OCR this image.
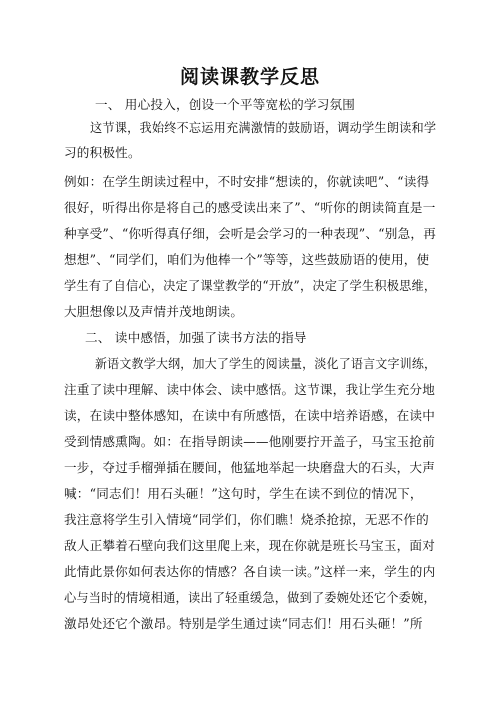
阅读课教学反思
一、 用心投入，创设一个平等宽松的学习氛围
这节课，我始终不忘运用充满激情的鼓励语，调动学生朗读和学
习的积极性。
例如：在学生朗读过程中，不时安排“想读的，你就读吧”、“读得
很好，听得出你是将自己的感受读出来了”、“听你的朗读简直是一
种享受”、“你听得真仔细，会听是会学习的一种表现”、“别急，再
想想”、“同学们，咱们为他棒一个”等等，这些鼓励语的使用，使
学生有了自信心，决定了课堂教学的“开放”，决定了学生积极思维，
大胆想像以及声情并茂地朗读。
二、 读中感悟，加强了读书方法的指导
新语文教学大纲，加大了学生的阅读量，淡化了语言文字训练，
注重了读中理解、读中体会、读中感悟。这节课，我让学生充分地
读，在读中整体感知，在读中有所感悟，在读中培养语感，在读中
受到情感熏陶。如：在指导朗读——他刚要拧开盖子，马宝玉抢前
一步，夺过手榴弹插在腰间，他猛地举起一块磨盘大的石头，大声
喊：“同志们！用石头砸！”这句时，学生在读不到位的情况下，
我注意将学生引入情境“同学们，你们瞧！烧杀抢掠，无恶不作的
敌人正攀着石壁向我们这里爬上来，现在你就是班长马宝玉，面对
此情此景你如何表达你的情感？各自读一读。”这样一来，学生的内
心与当时的情境相通，读出了轻重缓急，做到了委婉处还它个委婉，
激昂处还它个激昂。特别是学生通过读“同志们！用石头砸！”所
